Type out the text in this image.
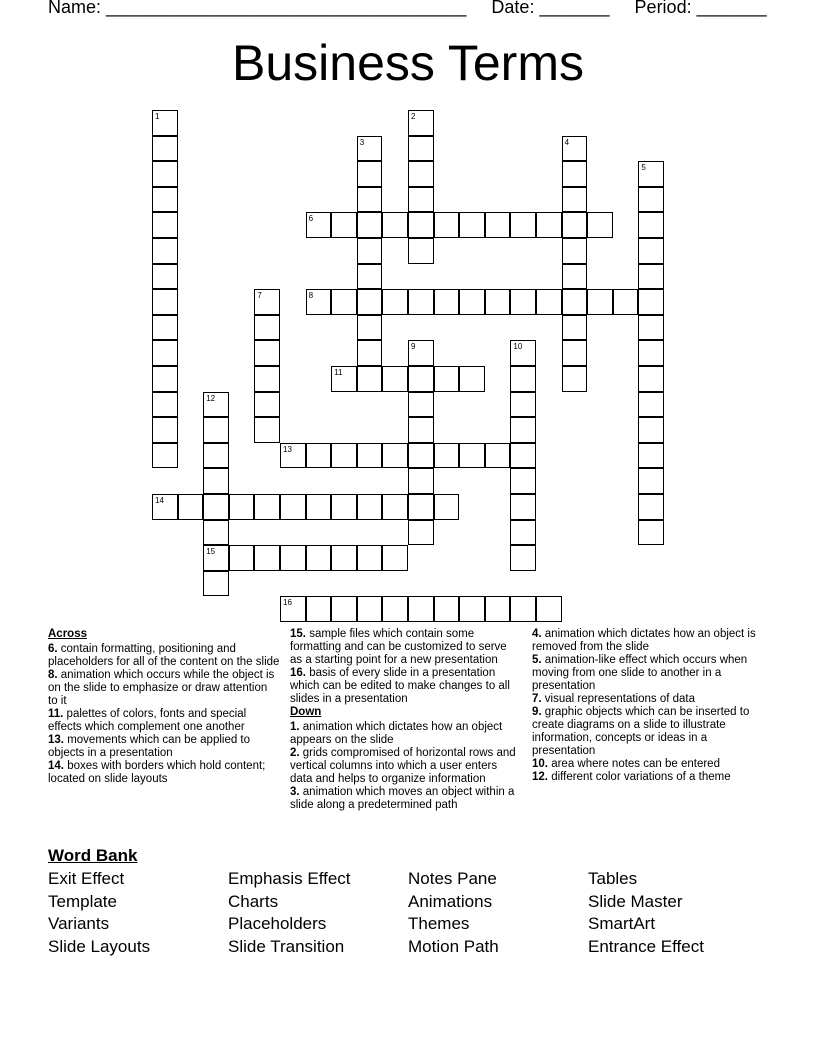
Name: ____________________________________ Date: _______ Period: _______
Business Terms
1	2
3	4
5
6
7	8
9	10
11
12
15
13
14
16
Across
6. contain formatting, positioning and placeholders for all of the content on the slide
8. animation which occurs while the object is on the slide to emphasize or draw attention to it
11. palettes of colors, fonts and special effects which complement one another
13. movements which can be applied to objects in a presentation
14. boxes with borders which hold content; located on slide layouts
15. sample files which contain some formatting and can be customized to serve as a starting point for a new presentation
16. basis of every slide in a presentation which can be edited to make changes to all slides in a presentation
Down
1. animation which dictates how an object appears on the slide
2. grids compromised of horizontal rows and vertical columns into which a user enters data and helps to organize information
3. animation which moves an object within a slide along a predetermined path
4. animation which dictates how an object is removed from the slide
5. animation-like effect which occurs when moving from one slide to another in a presentation
7. visual representations of data
9. graphic objects which can be inserted to create diagrams on a slide to illustrate information, concepts or ideas in a presentation
10. area where notes can be entered
12. different color variations of a theme
Word Bank
Exit Effect	Emphasis Effect	Notes Pane	Tables
Template	Charts	Animations	Slide Master
Variants	Placeholders	Themes	SmartArt
Slide Layouts	Slide Transition	Motion Path	Entrance Effect
